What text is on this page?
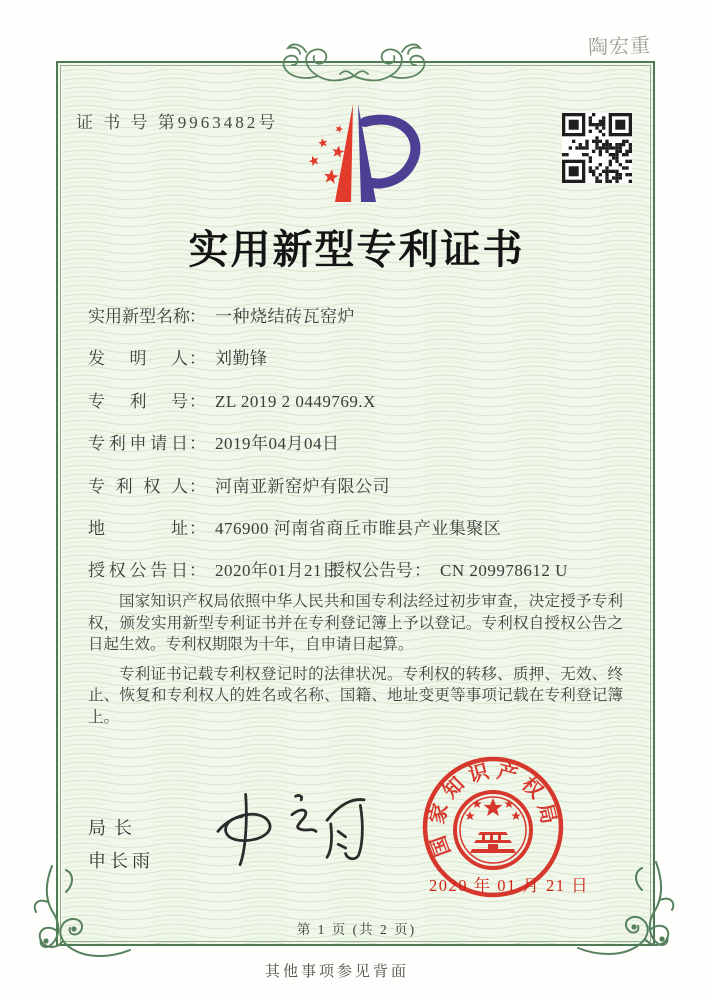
陶宏重
证 书 号 第9963482号
实用新型专利证书
实用新型名称： 一种烧结砖瓦窑炉
发明人： 刘勤锋
专利号： ZL 2019 2 0449769.X
专利申请日： 2019年04月04日
专利权人： 河南亚新窑炉有限公司
地址： 476900 河南省商丘市睢县产业集聚区
授权公告日： 2020年01月21日
授权公告号： CN 209978612 U

国家知识产权局依照中华人民共和国专利法经过初步审查，决定授予专利权，颁发实用新型专利证书并在专利登记簿上予以登记。专利权自授权公告之日起生效。专利权期限为十年，自申请日起算。

专利证书记载专利权登记时的法律状况。专利权的转移、质押、无效、终止、恢复和专利权人的姓名或名称、国籍、地址变更等事项记载在专利登记簿上。

局长
申长雨
国
家
知
识 产
权
局
2020 年 01 月 21 日
第 1 页 (共 2 页)
其他事项参见背面
